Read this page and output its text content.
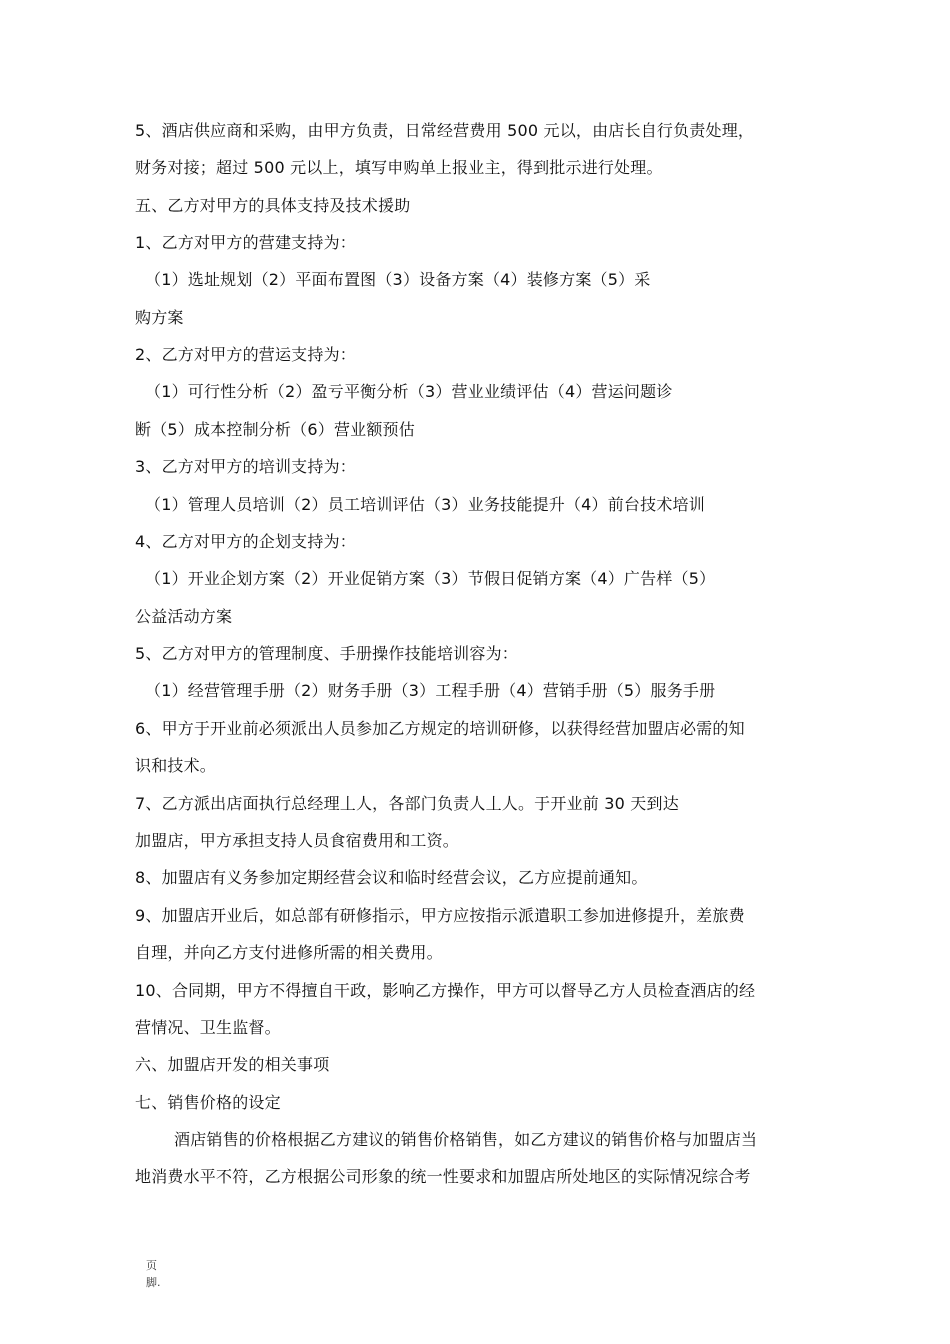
5、酒店供应商和采购，由甲方负责，日常经营费用 500 元以，由店长自行负责处理，
财务对接；超过 500 元以上，填写申购单上报业主，得到批示进行处理。
五、乙方对甲方的具体支持及技术援助
1、乙方对甲方的营建支持为：
（1）选址规划（2）平面布置图（3）设备方案（4）装修方案（5）采
购方案
2、乙方对甲方的营运支持为：
（1）可行性分析（2）盈亏平衡分析（3）营业业绩评估（4）营运问题诊
断（5）成本控制分析（6）营业额预估
3、乙方对甲方的培训支持为：
（1）管理人员培训（2）员工培训评估（3）业务技能提升（4）前台技术培训
4、乙方对甲方的企划支持为：
（1）开业企划方案（2）开业促销方案（3）节假日促销方案（4）广告样（5）
公益活动方案
5、乙方对甲方的管理制度、手册操作技能培训容为：
（1）经营管理手册（2）财务手册（3）工程手册（4）营销手册（5）服务手册
6、甲方于开业前必须派出人员参加乙方规定的培训研修，以获得经营加盟店必需的知
识和技术。
7、乙方派出店面执行总经理丄人，各部门负责人丄人。于开业前 30 天到达
加盟店，甲方承担支持人员食宿费用和工资。
8、加盟店有义务参加定期经营会议和临时经营会议，乙方应提前通知。
9、加盟店开业后，如总部有研修指示，甲方应按指示派遣职工参加进修提升，差旅费
自理，并向乙方支付进修所需的相关费用。
10、合同期，甲方不得擅自干政，影响乙方操作，甲方可以督导乙方人员检查酒店的经
营情况、卫生监督。
六、加盟店开发的相关事项
七、销售价格的设定
酒店销售的价格根据乙方建议的销售价格销售，如乙方建议的销售价格与加盟店当
地消费水平不符，乙方根据公司形象的统一性要求和加盟店所处地区的实际情况综合考
页
脚.
